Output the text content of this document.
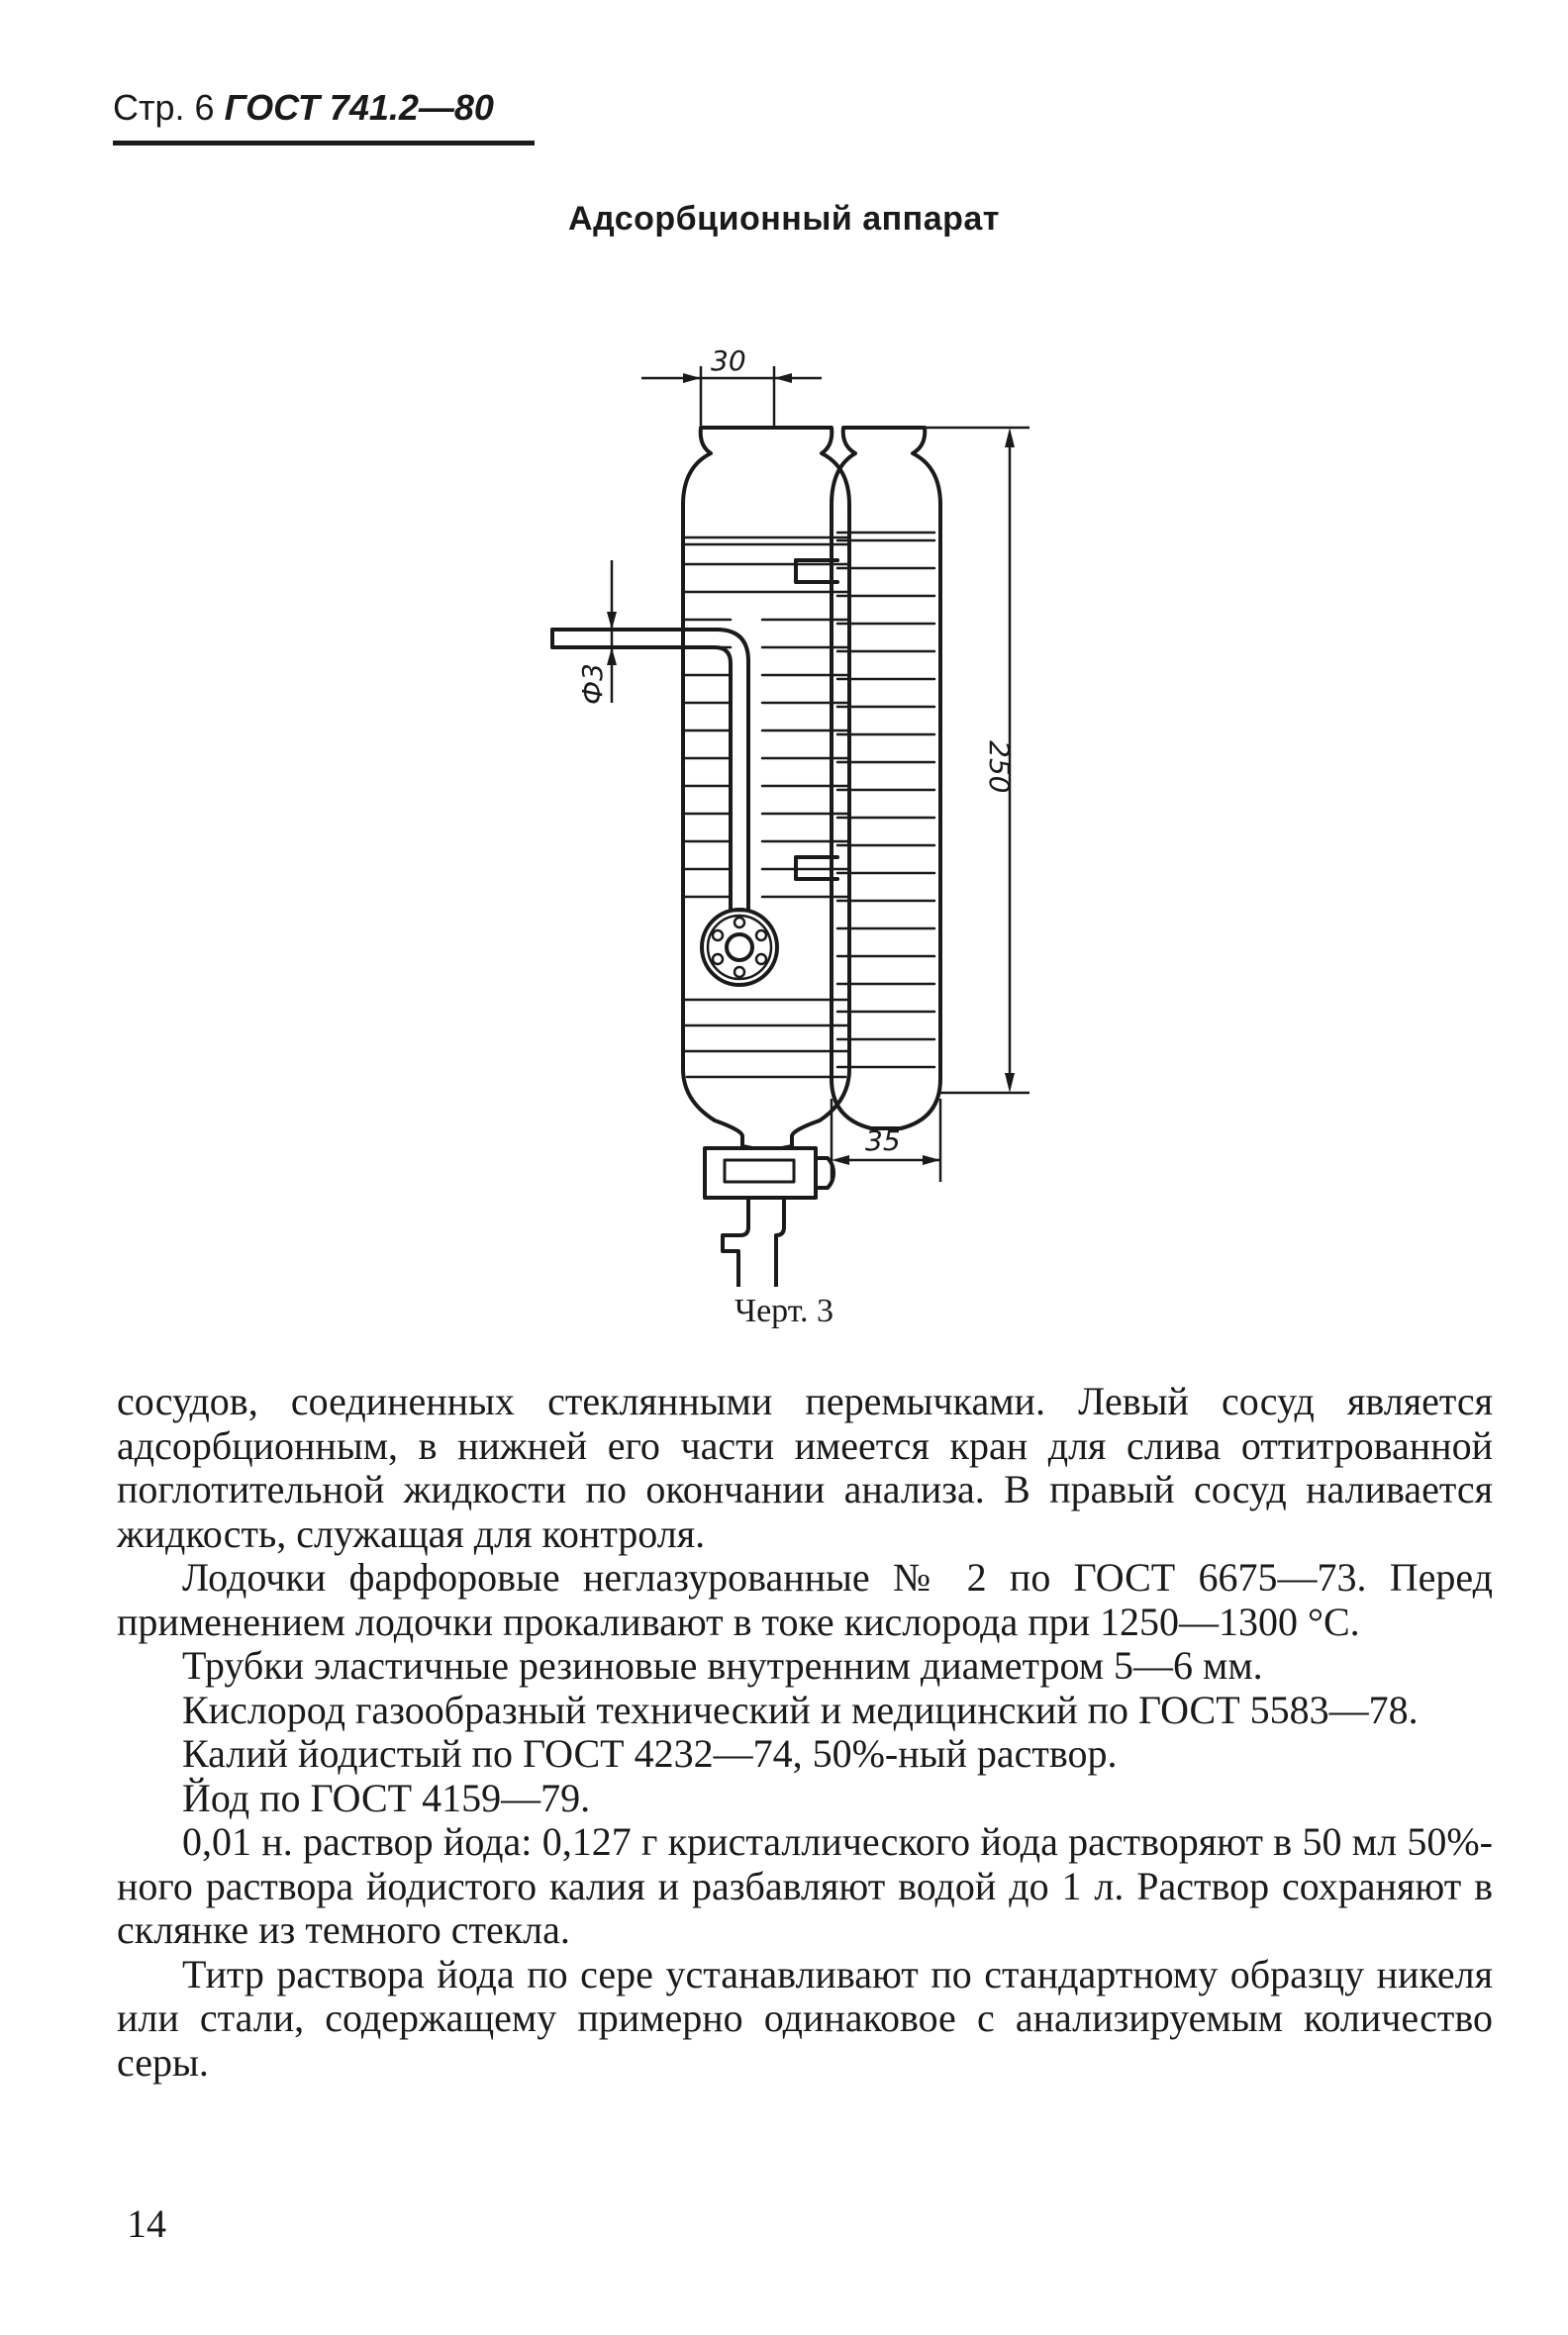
Стр. 6 ГОСТ 741.2—80
Адсорбционный аппарат
30
Ф3
250
35
Черт. 3

сосудов, соединенных стеклянными перемычками. Левый сосуд является адсорбционным, в нижней его части имеется кран для слива оттитрованной поглотительной жидкости по окончании анализа. В правый сосуд наливается жидкость, служащая для контроля.

Лодочки фарфоровые неглазурованные № 2 по ГОСТ 6675—73. Перед применением лодочки прокаливают в токе кислорода при 1250—1300 °С.

Трубки эластичные резиновые внутренним диаметром 5—6 мм.

Кислород газообразный технический и медицинский по ГОСТ 5583—78.

Калий йодистый по ГОСТ 4232—74, 50%-ный раствор.

Йод по ГОСТ 4159—79.

0,01 н. раствор йода: 0,127 г кристаллического йода растворяют в 50 мл 50%-ного раствора йодистого калия и разбавляют водой до 1 л. Раствор сохраняют в склянке из темного стекла.

Титр раствора йода по сере устанавливают по стандартному образцу никеля или стали, содержащему примерно одинаковое с анализируемым количество серы.

14
